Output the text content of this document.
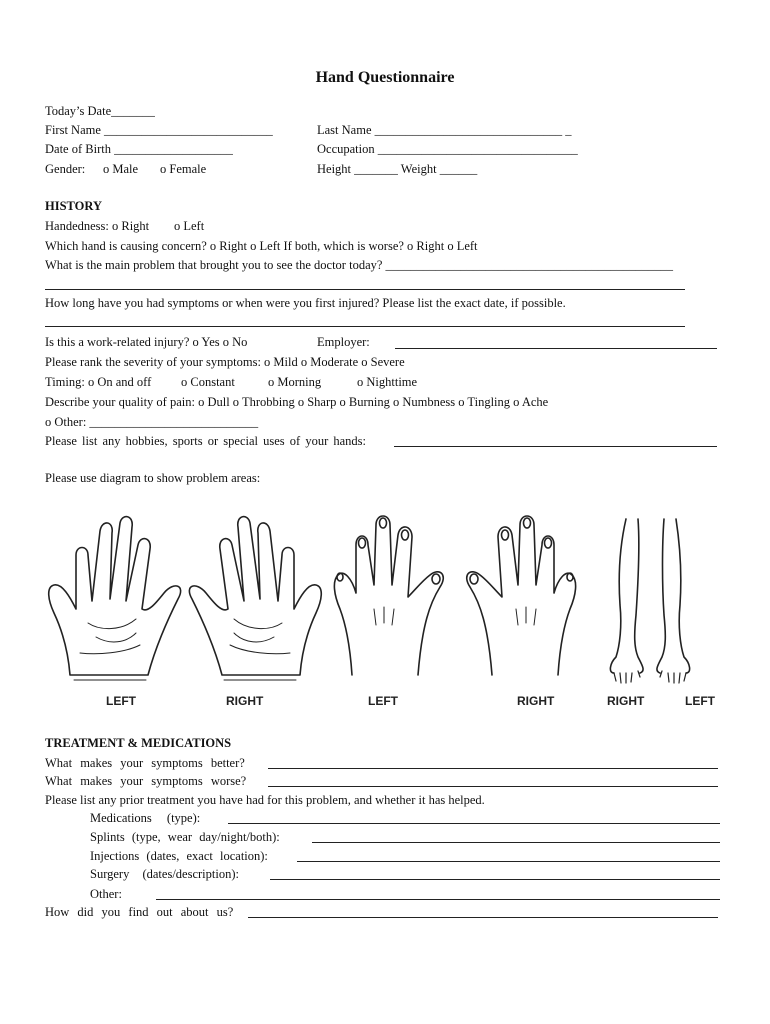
Hand Questionnaire
Today’s Date_______
First Name ___________________________	Last Name ______________________________ _
Date of Birth ___________________	Occupation ________________________________
Gender: o Male o Female	Height _______ Weight ______
HISTORY
Handedness: o Right o Left
Which hand is causing concern? o Right o Left If both, which is worse? o Right o Left
What is the main problem that brought you to see the doctor today? ______________________________________________
How long have you had symptoms or when were you first injured? Please list the exact date, if possible.
Is this a work-related injury? o Yes o No	Employer:
Please rank the severity of your symptoms: o Mild o Moderate o Severe
Timing: o On and off o Constant	o Morning	o Nighttime
Describe your quality of pain: o Dull o Throbbing o Sharp o Burning o Numbness o Tingling o Ache
o Other: ___________________________
Please list any hobbies, sports or special uses of your hands:
Please use diagram to show problem areas:
LEFT	RIGHT	LEFT	RIGHT	RIGHT	LEFT
TREATMENT & MEDICATIONS
What makes your symptoms better?
What makes your symptoms worse?
Please list any prior treatment you have had for this problem, and whether it has helped.
Medications (type):
Splints (type, wear day/night/both):
Injections (dates, exact location):
Surgery (dates/description):
Other:
How did you find out about us?
